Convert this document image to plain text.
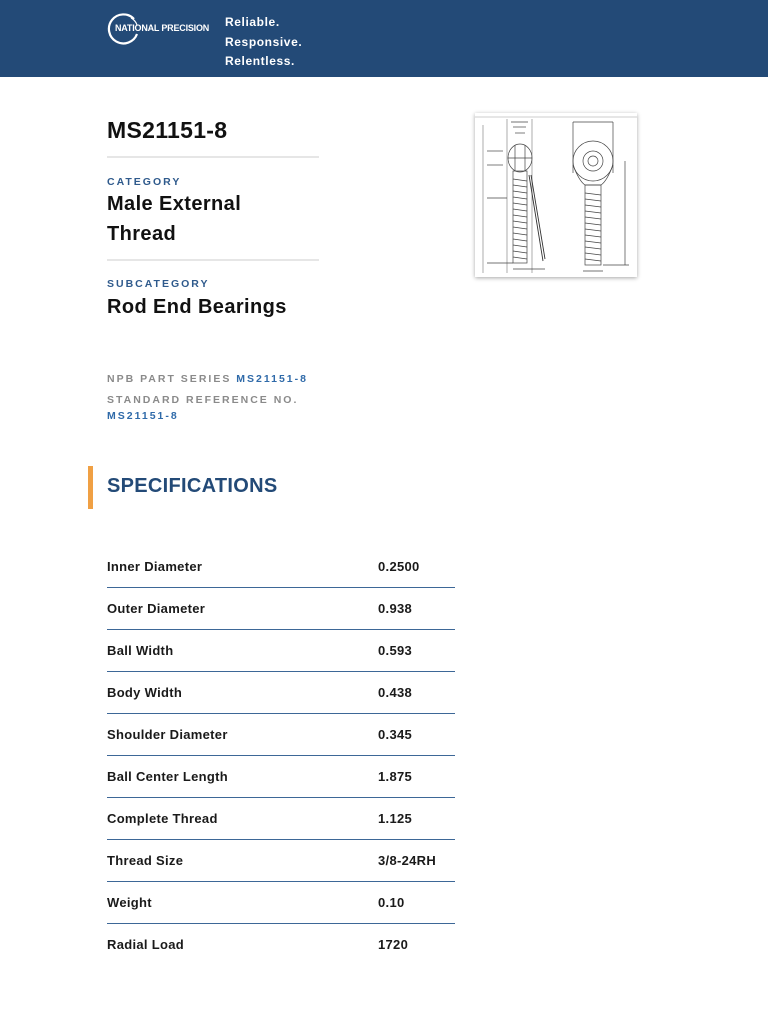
NATIONAL PRECISION Reliable.
Responsive.
Relentless.
MS21151-8
CATEGORY
Male External
Thread
SUBCATEGORY
Rod End Bearings
NPB PART SERIES MS21151-8
STANDARD REFERENCE NO.
MS21151-8
SPECIFICATIONS
Inner Diameter	0.2500
Outer Diameter	0.938
Ball Width	0.593
Body Width	0.438
Shoulder Diameter	0.345
Ball Center Length	1.875
Complete Thread	1.125
Thread Size	3/8-24RH
Weight	0.10
Radial Load	1720
